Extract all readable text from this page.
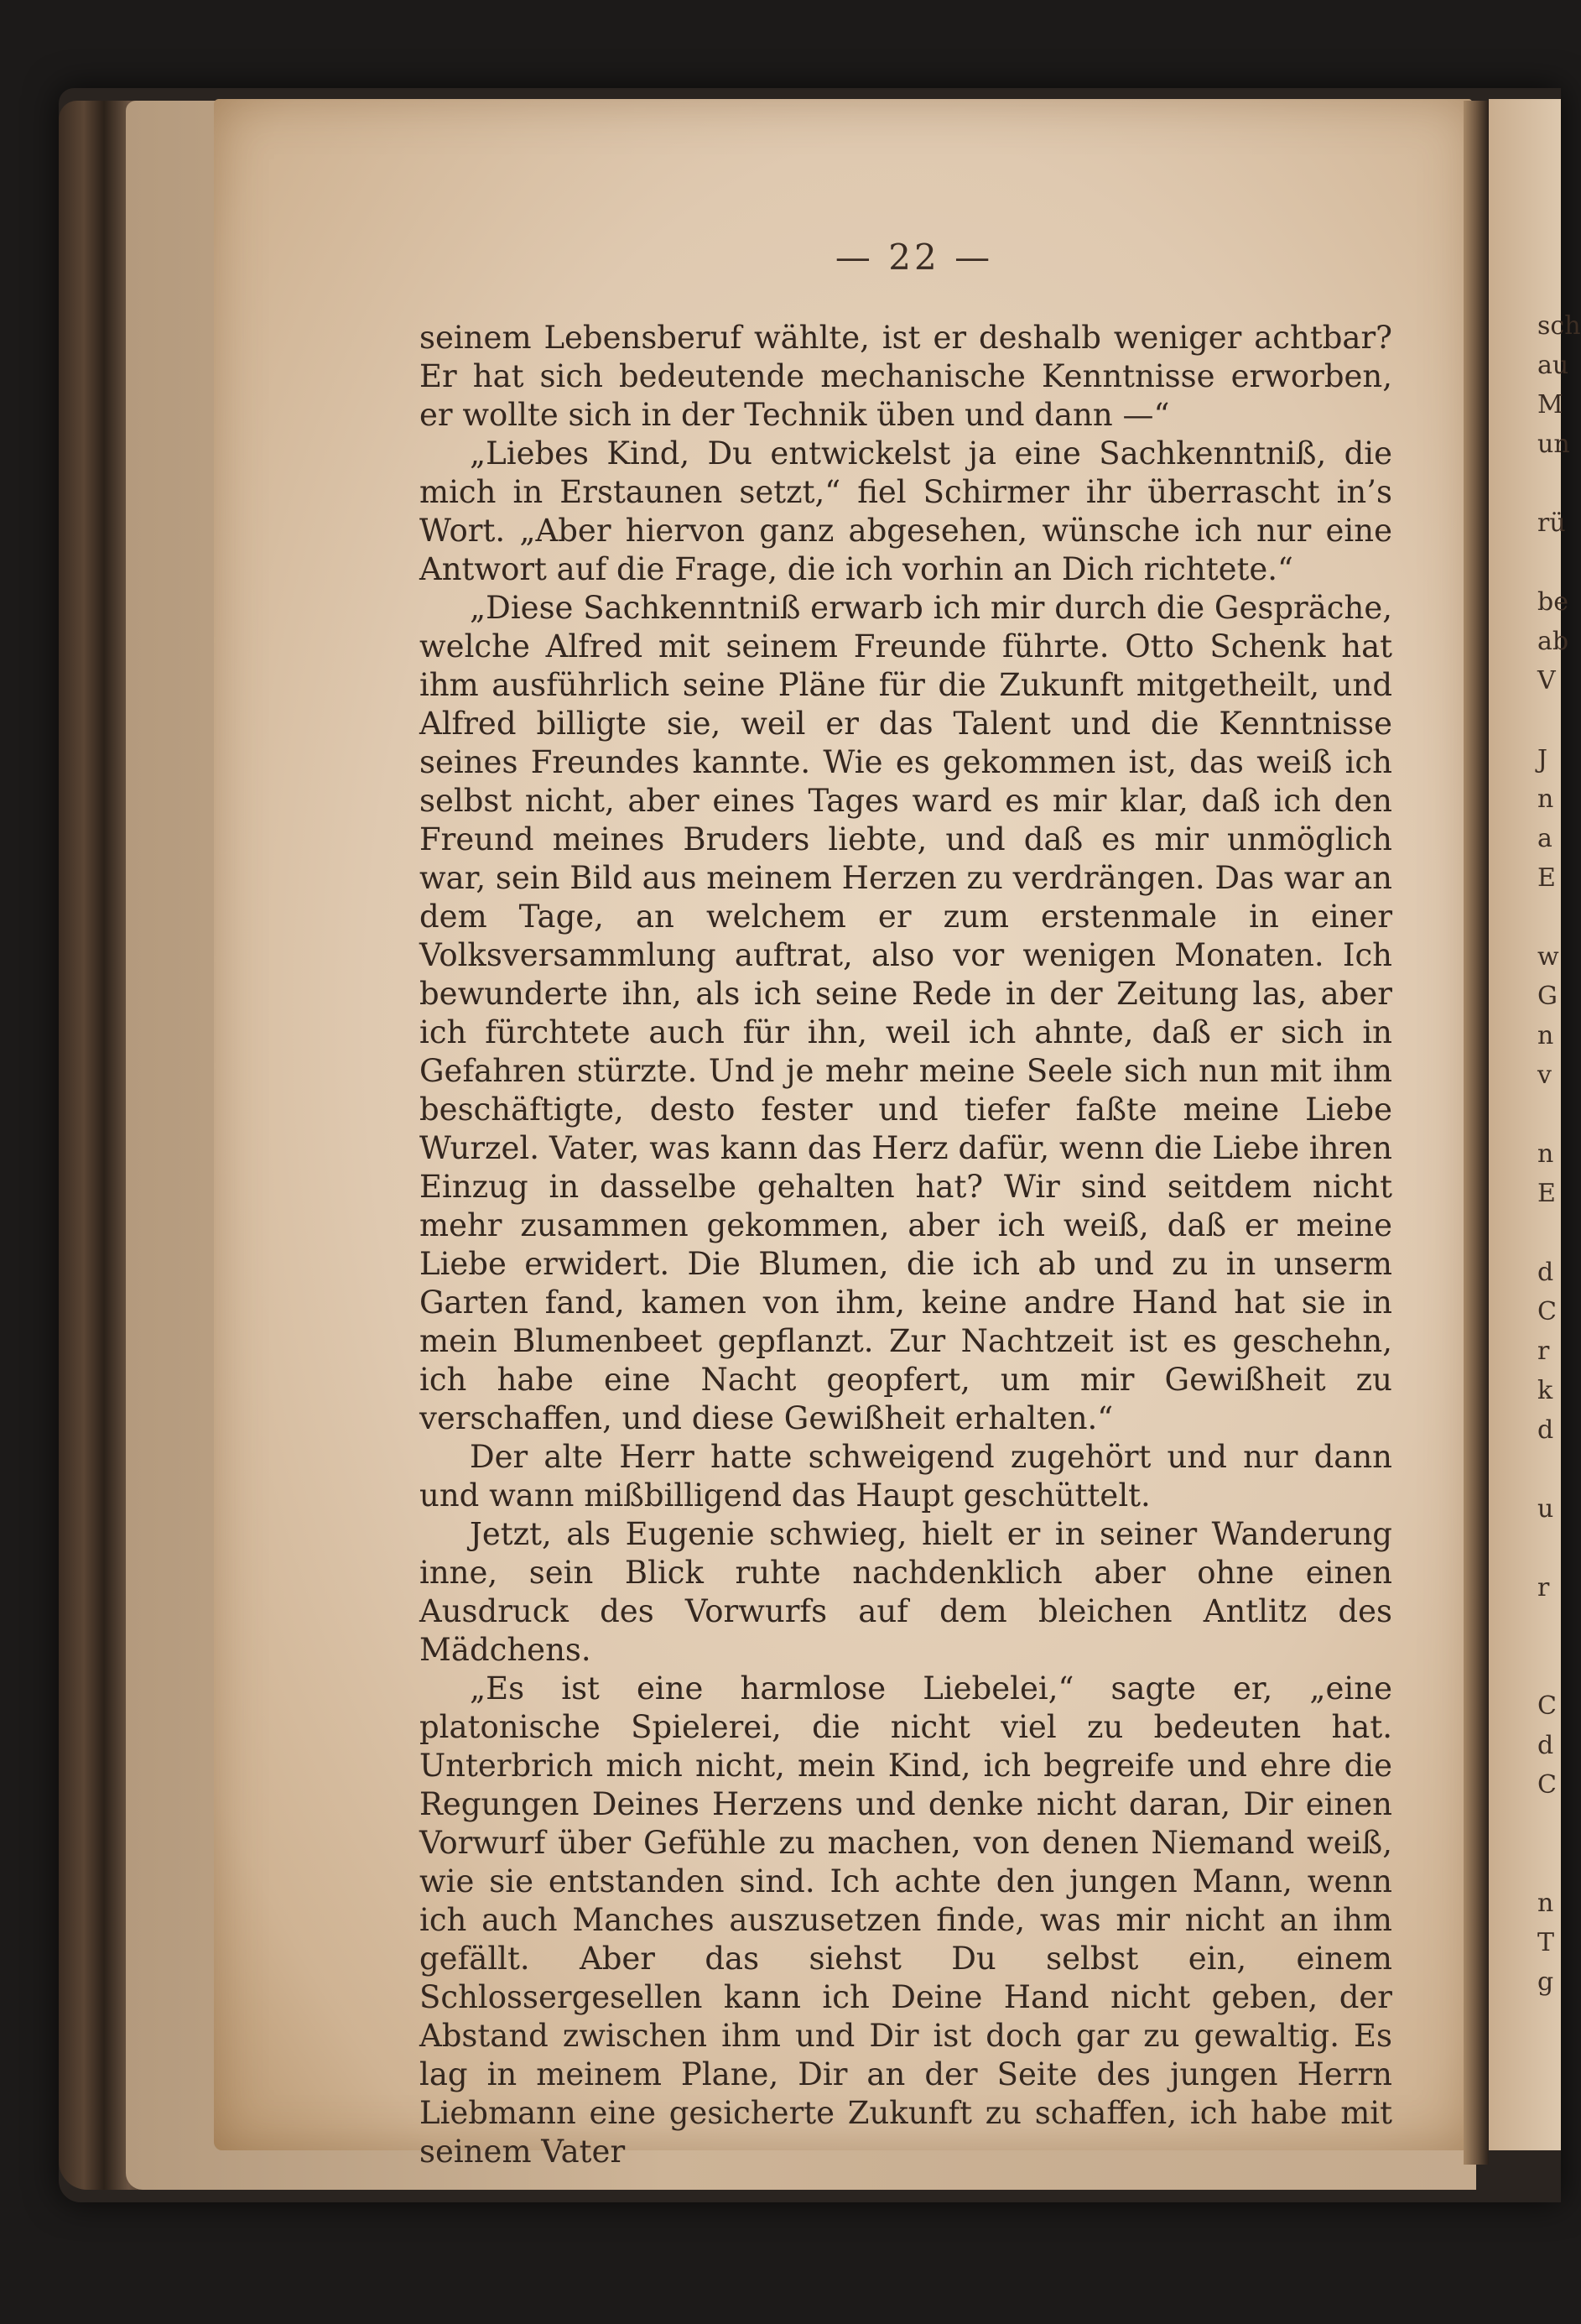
sch
au
M
un

rü

be
ab
V

J
n
a
E

w
G
n
v

n
E

d
C
r
k
d

u

r

C
d
C

n
T
g
— 22 —

seinem Lebensberuf wählte, ist er deshalb weniger achtbar? Er hat sich bedeutende mechanische Kenntnisse erworben, er wollte sich in der Technik üben und dann —“

„Liebes Kind, Du entwickelst ja eine Sachkenntniß, die mich in Erstaunen setzt,“ fiel Schirmer ihr überrascht in’s Wort. „Aber hiervon ganz abgesehen, wünsche ich nur eine Antwort auf die Frage, die ich vorhin an Dich richtete.“

„Diese Sachkenntniß erwarb ich mir durch die Gespräche, welche Alfred mit seinem Freunde führte. Otto Schenk hat ihm ausführlich seine Pläne für die Zukunft mitgetheilt, und Alfred billigte sie, weil er das Talent und die Kenntnisse seines Freundes kannte. Wie es gekommen ist, das weiß ich selbst nicht, aber eines Tages ward es mir klar, daß ich den Freund meines Bruders liebte, und daß es mir unmöglich war, sein Bild aus meinem Herzen zu verdrängen. Das war an dem Tage, an welchem er zum erstenmale in einer Volksversammlung auftrat, also vor wenigen Monaten. Ich bewunderte ihn, als ich seine Rede in der Zeitung las, aber ich fürchtete auch für ihn, weil ich ahnte, daß er sich in Gefahren stürzte. Und je mehr meine Seele sich nun mit ihm beschäftigte, desto fester und tiefer faßte meine Liebe Wurzel. Vater, was kann das Herz dafür, wenn die Liebe ihren Einzug in dasselbe gehalten hat? Wir sind seitdem nicht mehr zusammen gekommen, aber ich weiß, daß er meine Liebe erwidert. Die Blumen, die ich ab und zu in unserm Garten fand, kamen von ihm, keine andre Hand hat sie in mein Blumenbeet gepflanzt. Zur Nachtzeit ist es geschehn, ich habe eine Nacht geopfert, um mir Gewißheit zu verschaffen, und diese Gewißheit erhalten.“

Der alte Herr hatte schweigend zugehört und nur dann und wann mißbilligend das Haupt geschüttelt.

Jetzt, als Eugenie schwieg, hielt er in seiner Wanderung inne, sein Blick ruhte nachdenklich aber ohne einen Ausdruck des Vorwurfs auf dem bleichen Antlitz des Mädchens.

„Es ist eine harmlose Liebelei,“ sagte er, „eine platonische Spielerei, die nicht viel zu bedeuten hat. Unterbrich mich nicht, mein Kind, ich begreife und ehre die Regungen Deines Herzens und denke nicht daran, Dir einen Vorwurf über Gefühle zu machen, von denen Niemand weiß, wie sie entstanden sind. Ich achte den jungen Mann, wenn ich auch Manches auszusetzen finde, was mir nicht an ihm gefällt. Aber das siehst Du selbst ein, einem Schlossergesellen kann ich Deine Hand nicht geben, der Abstand zwischen ihm und Dir ist doch gar zu gewaltig. Es lag in meinem Plane, Dir an der Seite des jungen Herrn Liebmann eine gesicherte Zukunft zu schaffen, ich habe mit seinem Vater
